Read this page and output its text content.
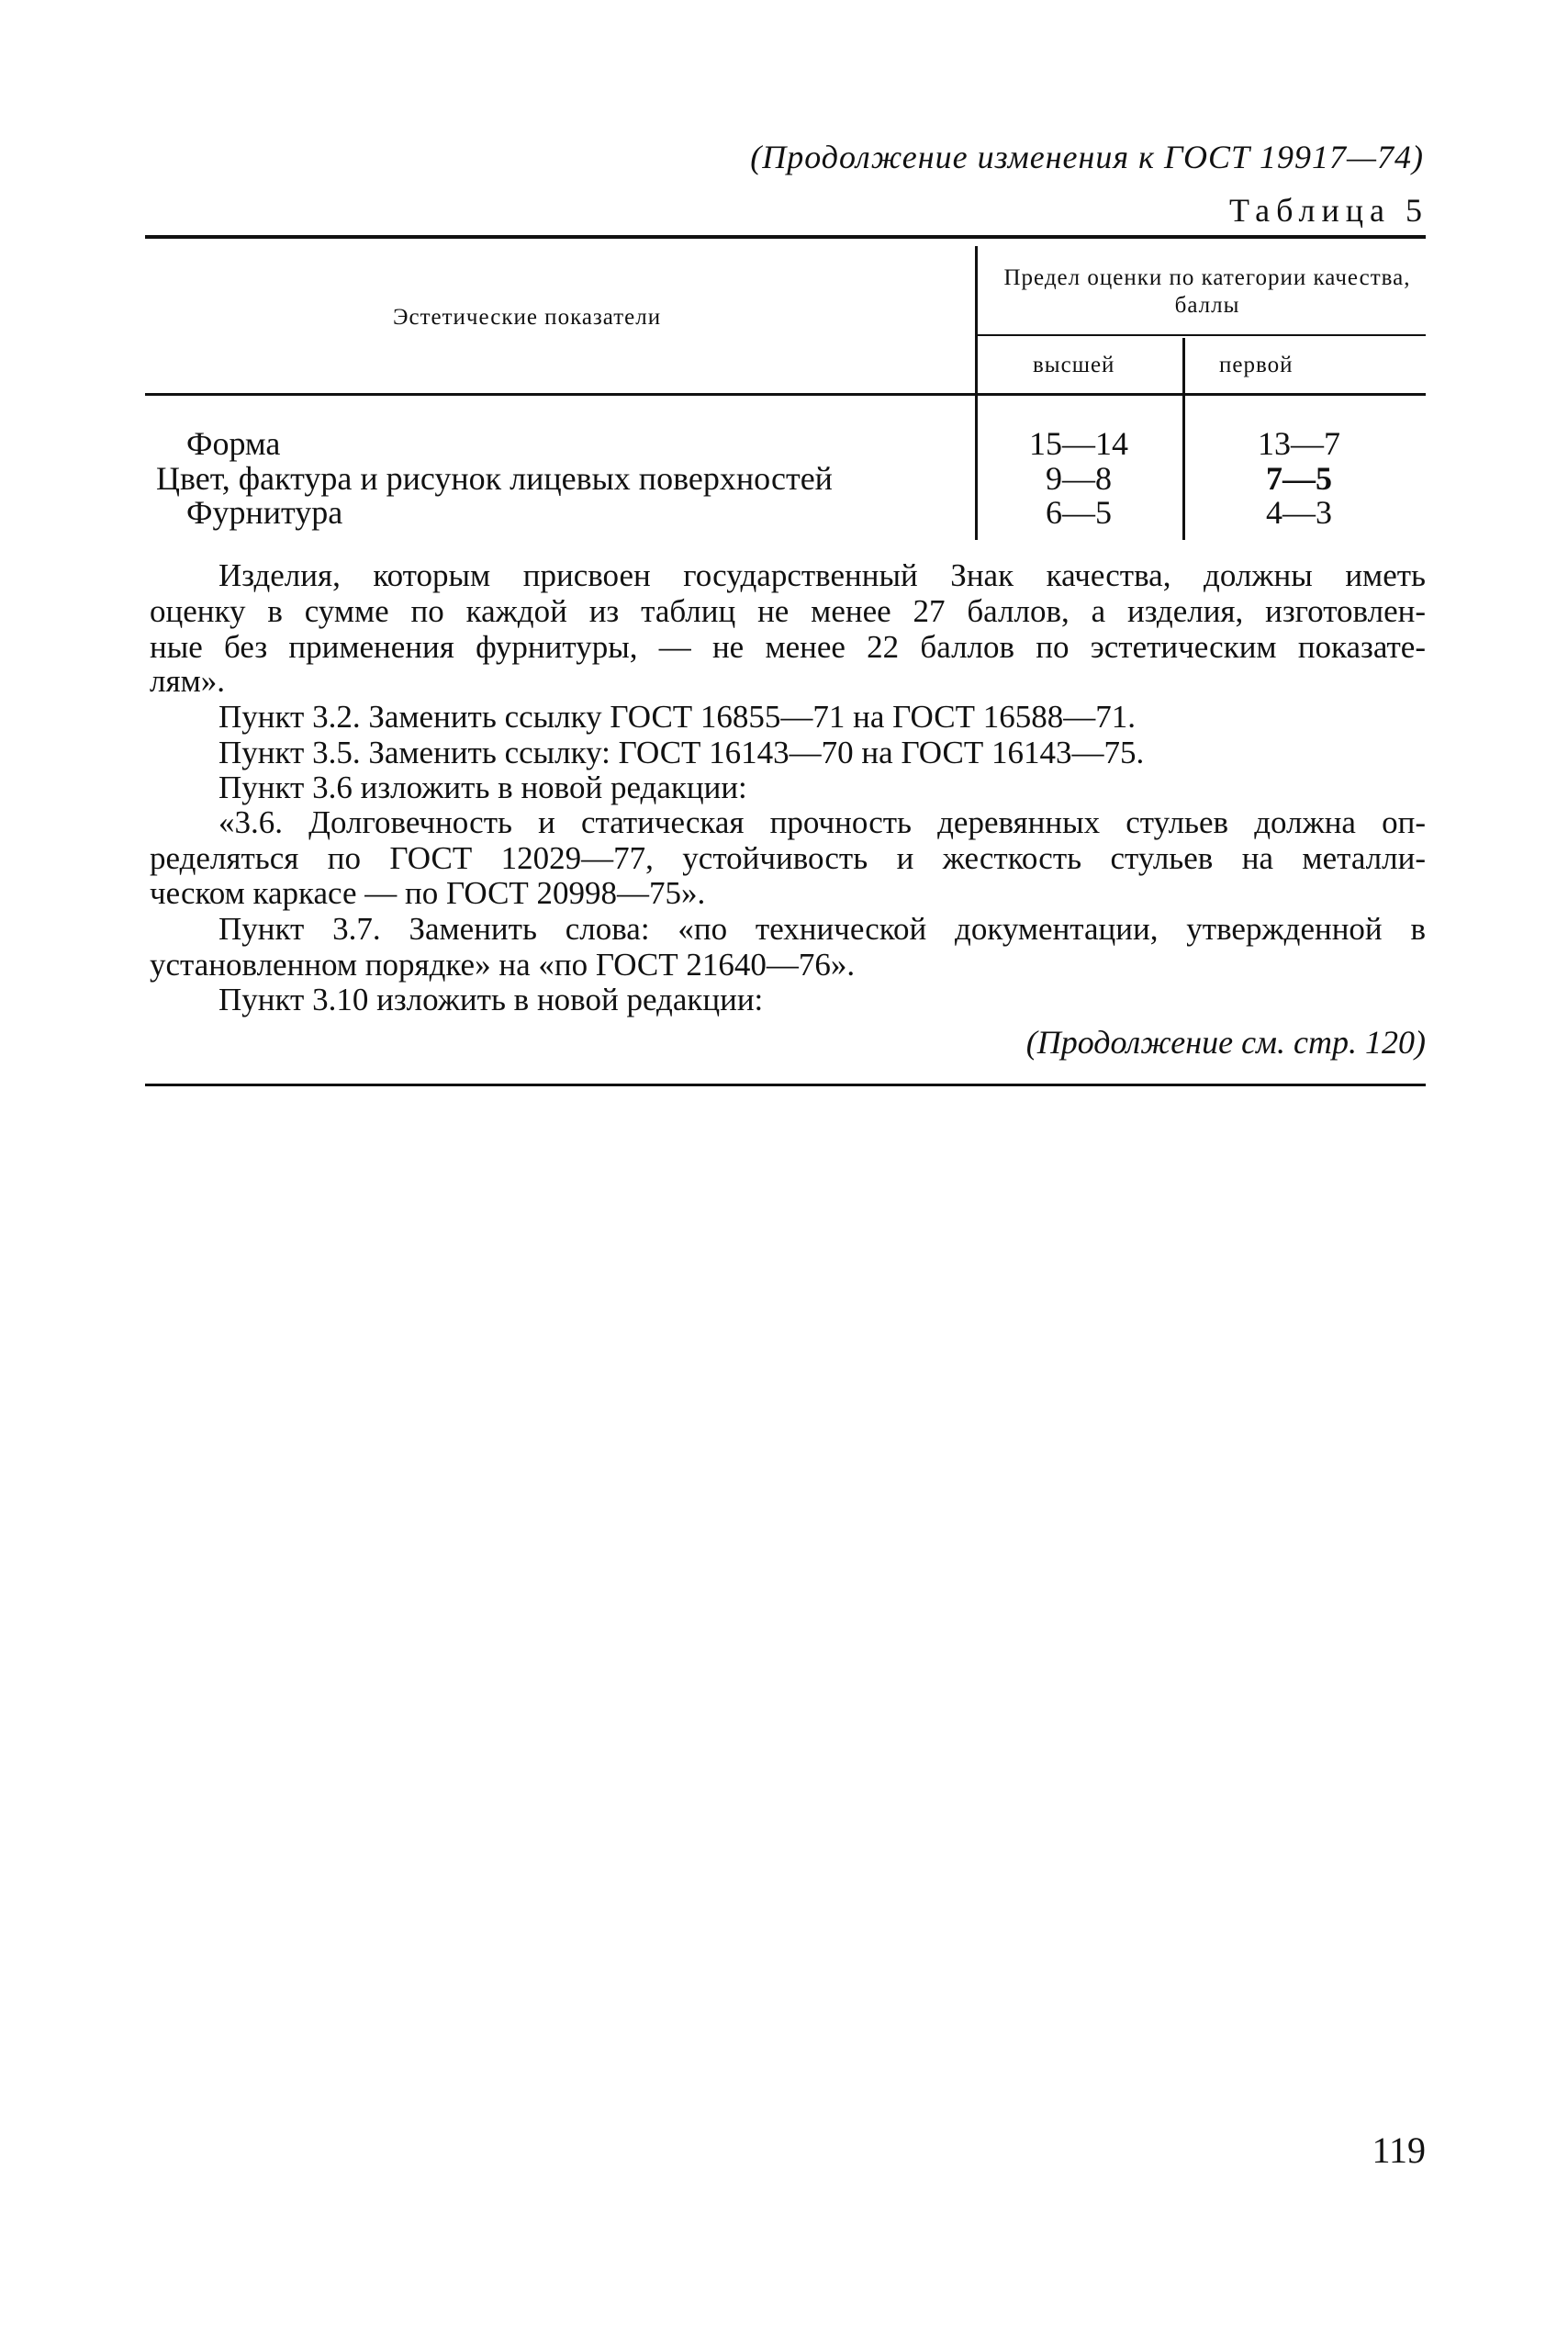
(Продолжение изменения к ГОСТ 19917—74)
Таблица 5
Эстетические показатели
Предел оценки по категории качества, баллы
высшей	первой
Форма	15—14	13—7
Цвет, фактура и рисунок лицевых поверхностей	9—8	7—5
Фурнитура	6—5	4—3
Изделия, которым присвоен государственный Знак качества, должны иметь
оценку в сумме по каждой из таблиц не менее 27 баллов, а изделия, изготовлен-
ные без применения фурнитуры, — не менее 22 баллов по эстетическим показате-
лям».
Пункт 3.2. Заменить ссылку ГОСТ 16855—71 на ГОСТ 16588—71.
Пункт 3.5. Заменить ссылку: ГОСТ 16143—70 на ГОСТ 16143—75.
Пункт 3.6 изложить в новой редакции:
«3.6. Долговечность и статическая прочность деревянных стульев должна оп-
ределяться по ГОСТ 12029—77, устойчивость и жесткость стульев на металли-
ческом каркасе — по ГОСТ 20998—75».
Пункт 3.7. Заменить слова: «по технической документации, утвержденной в
установленном порядке» на «по ГОСТ 21640—76».
Пункт 3.10 изложить в новой редакции:
(Продолжение см. стр. 120)
119
